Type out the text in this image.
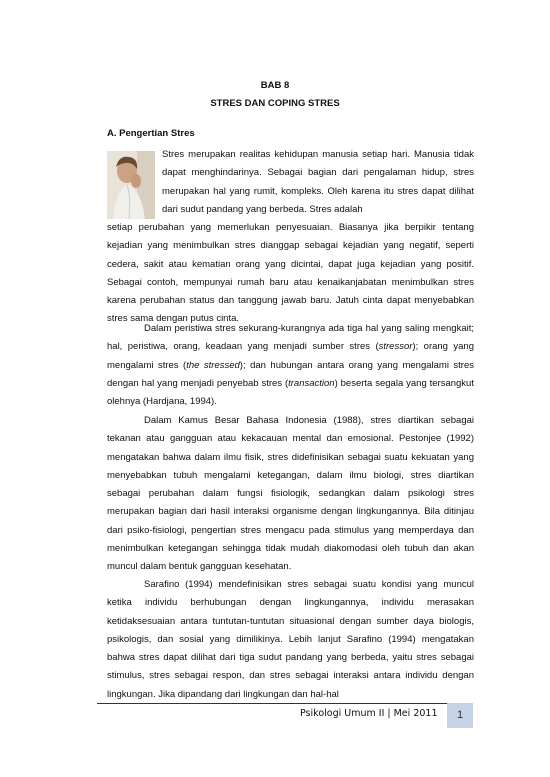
BAB 8
STRES DAN COPING STRES
A. Pengertian Stres

Stres merupakan realitas kehidupan manusia setiap hari. Manusia tidak dapat menghindarinya. Sebagai bagian dari pengalaman hidup, stres merupakan hal yang rumit, kompleks. Oleh karena itu stres dapat dilihat dari sudut pandang yang berbeda. Stres adalah

setiap perubahan yang memerlukan penyesuaian. Biasanya jika berpikir tentang kejadian yang menimbulkan stres dianggap sebagai kejadian yang negatif, seperti cedera, sakit atau kematian orang yang dicintai, dapat juga kejadian yang positif. Sebagai contoh, mempunyai rumah baru atau kenaikanjabatan menimbulkan stres karena perubahan status dan tanggung jawab baru. Jatuh cinta dapat menyebabkan stres sama dengan putus cinta.

Dalam peristiwa stres sekurang-kurangnya ada tiga hal yang saling mengkait; hal, peristiwa, orang, keadaan yang menjadi sumber stres (stressor); orang yang mengalami stres (the stressed); dan hubungan antara orang yang mengalami stres dengan hal yang menjadi penyebab stres (transaction) beserta segala yang tersangkut olehnya (Hardjana, 1994).

Dalam Kamus Besar Bahasa Indonesia (1988), stres diartikan sebagai tekanan atau gangguan atau kekacauan mental dan emosional. Pestonjee (1992) mengatakan bahwa dalam ilmu fisik, stres didefinisikan sebagai suatu kekuatan yang menyebabkan tubuh mengalami ketegangan, dalam ilmu biologi, stres diartikan sebagai perubahan dalam fungsi fisiologik, sedangkan dalam psikologi stres merupakan bagian dari hasil interaksi organisme dengan lingkungannya. Bila ditinjau dari psiko-fisiologi, pengertian stres mengacu pada stimulus yang memperdaya dan menimbulkan ketegangan sehingga tidak mudah diakomodasi oleh tubuh dan akan muncul dalam bentuk gangguan kesehatan.

Sarafino (1994) mendefinisikan stres sebagai suatu kondisi yang muncul ketika individu berhubungan dengan lingkungannya, individu merasakan ketidaksesuaian antara tuntutan-tuntutan situasional dengan sumber daya biologis, psikologis, dan sosial yang dimilikinya. Lebih lanjut Sarafino (1994) mengatakan bahwa stres dapat dilihat dari tiga sudut pandang yang berbeda, yaitu stres sebagai stimulus, stres sebagai respon, dan stres sebagai interaksi antara individu dengan lingkungan. Jika dipandang dari lingkungan dan hal-hal

Psikologi Umum II | Mei 2011	1
